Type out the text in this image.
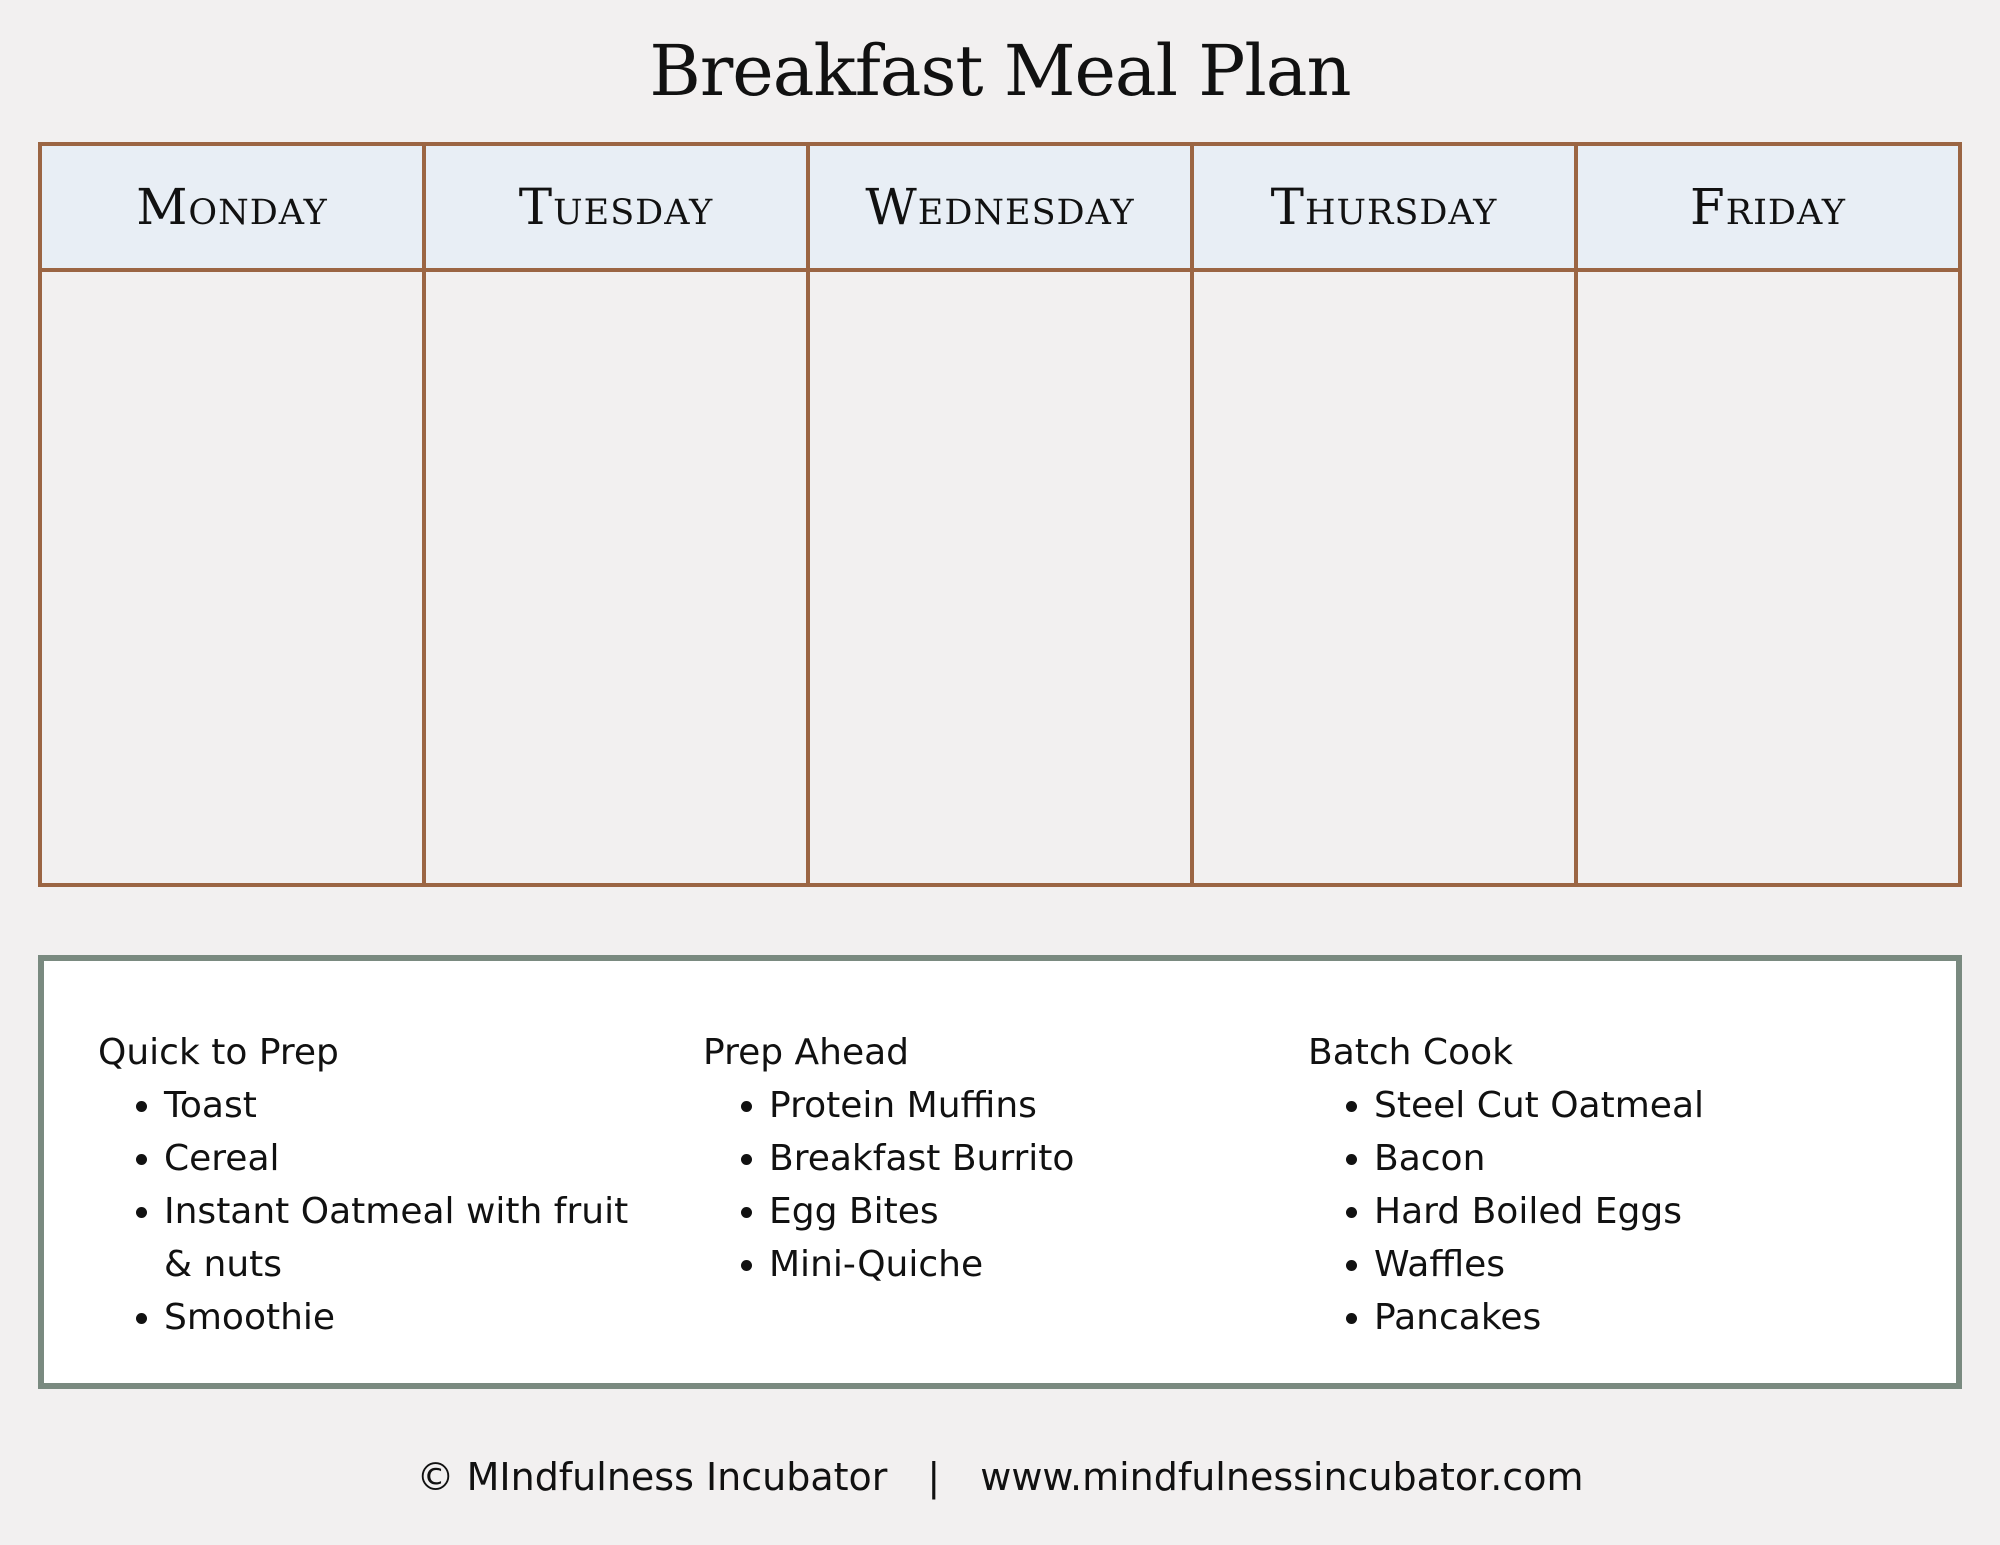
Breakfast Meal Plan
Monday	Tuesday	Wednesday	Thursday	Friday
Quick to Prep
• Toast
• Cereal
• Instant Oatmeal with fruit & nuts
• Smoothie
Prep Ahead
• Protein Muffins
• Breakfast Burrito
• Egg Bites
• Mini-Quiche
Batch Cook
• Steel Cut Oatmeal
• Bacon
• Hard Boiled Eggs
• Waffles
• Pancakes
© MIndfulness Incubator | www.mindfulnessincubator.com
